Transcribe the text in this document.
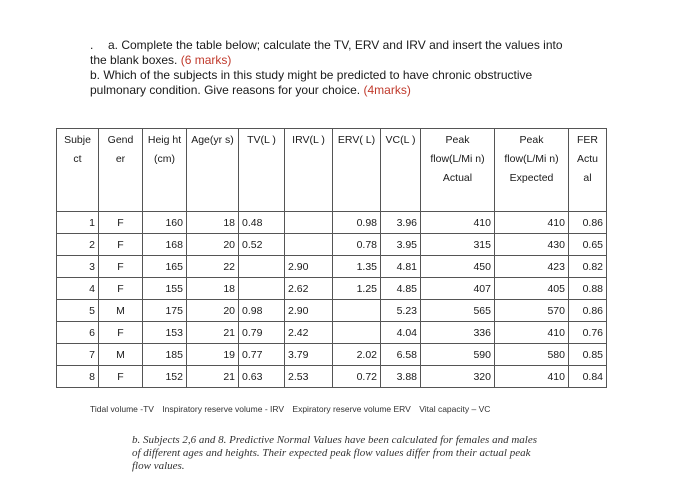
. a. Complete the table below; calculate the TV, ERV and IRV and insert the values into
the blank boxes. (6 marks)
b. Which of the subjects in this study might be predicted to have chronic obstructive
pulmonary condition. Give reasons for your choice. (4marks)
Subje ct	Gend er	Heig ht (cm)	Age(yr s)	TV(L )	IRV(L )	ERV( L)	VC(L )	Peak flow(L/Mi n) Actual	Peak flow(L/Mi n) Expected	FER Actu al
1	F	160	18	0.48		0.98	3.96	410	410	0.86
2	F	168	20	0.52		0.78	3.95	315	430	0.65
3	F	165	22		2.90	1.35	4.81	450	423	0.82
4	F	155	18		2.62	1.25	4.85	407	405	0.88
5	M	175	20	0.98	2.90		5.23	565	570	0.86
6	F	153	21	0.79	2.42		4.04	336	410	0.76
7	M	185	19	0.77	3.79	2.02	6.58	590	580	0.85
8	F	152	21	0.63	2.53	0.72	3.88	320	410	0.84
Tidal volume -TV Inspiratory reserve volume - IRV Expiratory reserve volume ERV Vital capacity – VC
b. Subjects 2,6 and 8. Predictive Normal Values have been calculated for females and males
of different ages and heights. Their expected peak flow values differ from their actual peak
flow values.
